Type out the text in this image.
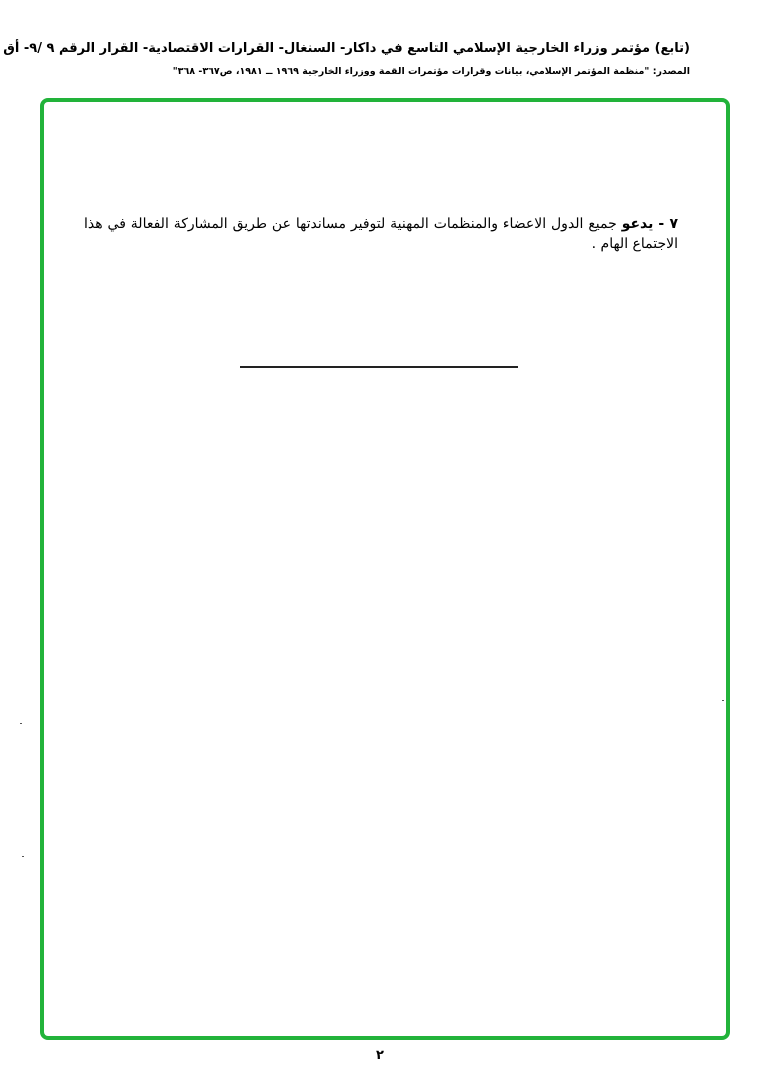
(تابع) مؤتمر وزراء الخارجية الإسلامي التاسع في داكار- السنغال- القرارات الاقتصادية- القرار الرقم ٩ /٩- أق
المصدر: "منظمة المؤتمر الإسلامي، بيانات وقرارات مؤتمرات القمة ووزراء الخارجية ١٩٦٩ ــ ١٩٨١، ص٣٦٧- ٣٦٨"
٧ - يدعو جميع الدول الاعضاء والمنظمات المهنية لتوفير مساندتها عن طريق المشاركة الفعالة في هذا الاجتماع الهام .
٢
